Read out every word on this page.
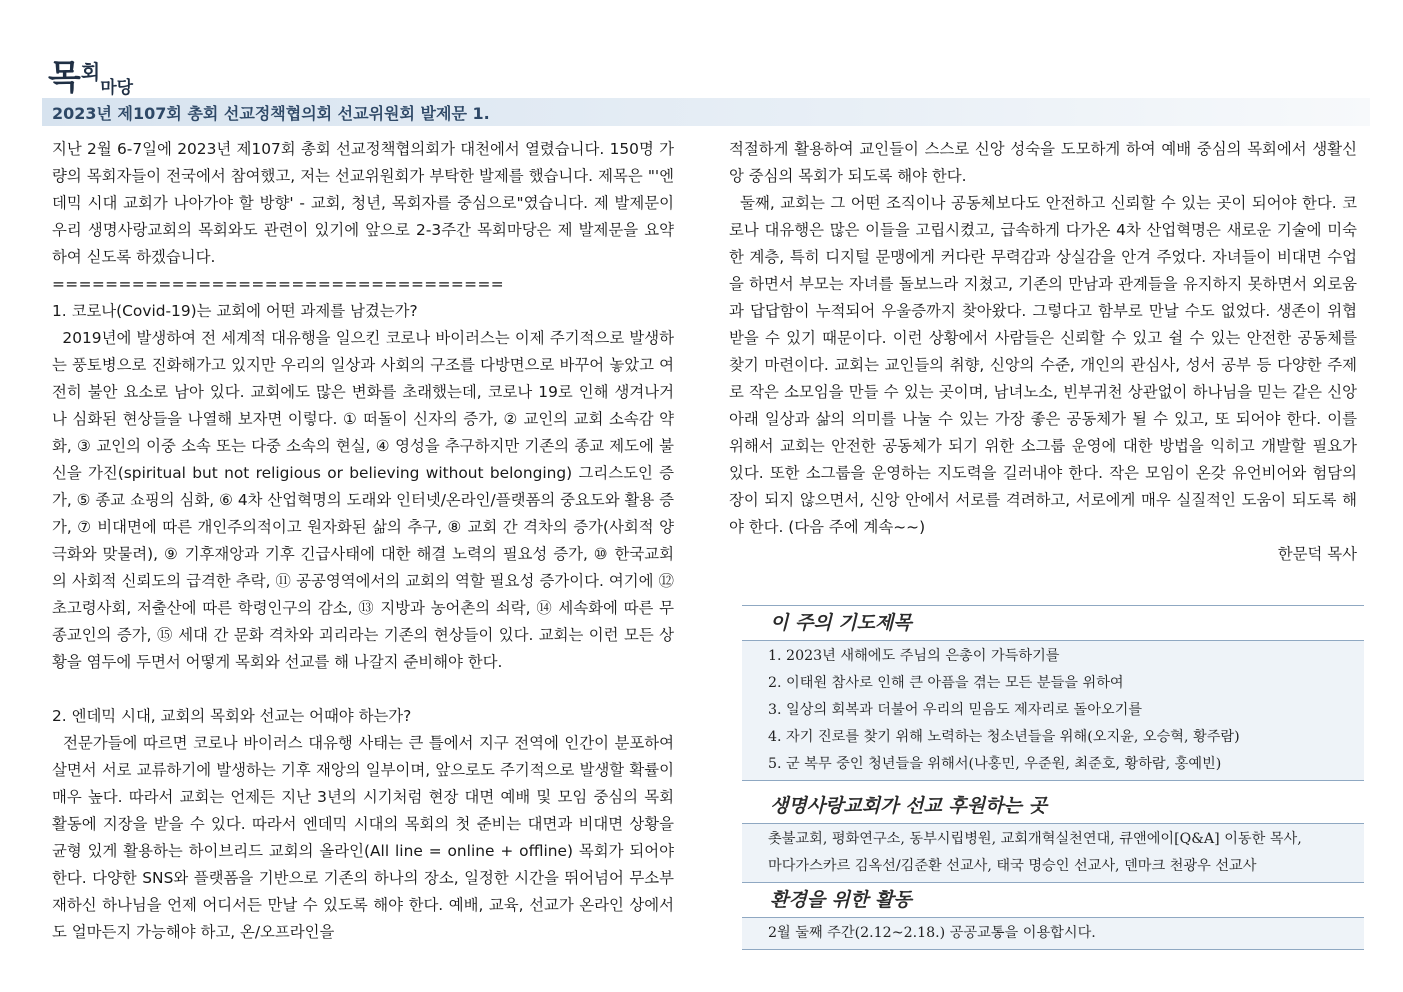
목회마당
2023년 제107회 총회 선교정책협의회 선교위원회 발제문 1.

지난 2월 6-7일에 2023년 제107회 총회 선교정책협의회가 대천에서 열렸습니다. 150명 가량의 목회자들이 전국에서 참여했고, 저는 선교위원회가 부탁한 발제를 했습니다. 제목은 "'엔데믹 시대 교회가 나아가야 할 방향' - 교회, 청년, 목회자를 중심으로"였습니다. 제 발제문이 우리 생명사랑교회의 목회와도 관련이 있기에 앞으로 2-3주간 목회마당은 제 발제문을 요약하여 싣도록 하겠습니다.

==================================

1. 코로나(Covid-19)는 교회에 어떤 과제를 남겼는가?

2019년에 발생하여 전 세계적 대유행을 일으킨 코로나 바이러스는 이제 주기적으로 발생하는 풍토병으로 진화해가고 있지만 우리의 일상과 사회의 구조를 다방면으로 바꾸어 놓았고 여전히 불안 요소로 남아 있다. 교회에도 많은 변화를 초래했는데, 코로나 19로 인해 생겨나거나 심화된 현상들을 나열해 보자면 이렇다. ① 떠돌이 신자의 증가, ② 교인의 교회 소속감 약화, ③ 교인의 이중 소속 또는 다중 소속의 현실, ④ 영성을 추구하지만 기존의 종교 제도에 불신을 가진(spiritual but not religious or believing without belonging) 그리스도인 증가, ⑤ 종교 쇼핑의 심화, ⑥ 4차 산업혁명의 도래와 인터넷/온라인/플랫폼의 중요도와 활용 증가, ⑦ 비대면에 따른 개인주의적이고 원자화된 삶의 추구, ⑧ 교회 간 격차의 증가(사회적 양극화와 맞물려), ⑨ 기후재앙과 기후 긴급사태에 대한 해결 노력의 필요성 증가, ⑩ 한국교회의 사회적 신뢰도의 급격한 추락, ⑪ 공공영역에서의 교회의 역할 필요성 증가이다. 여기에 ⑫ 초고령사회, 저출산에 따른 학령인구의 감소, ⑬ 지방과 농어촌의 쇠락, ⑭ 세속화에 따른 무종교인의 증가, ⑮ 세대 간 문화 격차와 괴리라는 기존의 현상들이 있다. 교회는 이런 모든 상황을 염두에 두면서 어떻게 목회와 선교를 해 나갈지 준비해야 한다.

2. 엔데믹 시대, 교회의 목회와 선교는 어때야 하는가?

전문가들에 따르면 코로나 바이러스 대유행 사태는 큰 틀에서 지구 전역에 인간이 분포하여 살면서 서로 교류하기에 발생하는 기후 재앙의 일부이며, 앞으로도 주기적으로 발생할 확률이 매우 높다. 따라서 교회는 언제든 지난 3년의 시기처럼 현장 대면 예배 및 모임 중심의 목회 활동에 지장을 받을 수 있다. 따라서 엔데믹 시대의 목회의 첫 준비는 대면과 비대면 상황을 균형 있게 활용하는 하이브리드 교회의 올라인(All line = online + offline) 목회가 되어야 한다. 다양한 SNS와 플랫폼을 기반으로 기존의 하나의 장소, 일정한 시간을 뛰어넘어 무소부재하신 하나님을 언제 어디서든 만날 수 있도록 해야 한다. 예배, 교육, 선교가 온라인 상에서도 얼마든지 가능해야 하고, 온/오프라인을

적절하게 활용하여 교인들이 스스로 신앙 성숙을 도모하게 하여 예배 중심의 목회에서 생활신앙 중심의 목회가 되도록 해야 한다.

둘째, 교회는 그 어떤 조직이나 공동체보다도 안전하고 신뢰할 수 있는 곳이 되어야 한다. 코로나 대유행은 많은 이들을 고립시켰고, 급속하게 다가온 4차 산업혁명은 새로운 기술에 미숙한 계층, 특히 디지털 문맹에게 커다란 무력감과 상실감을 안겨 주었다. 자녀들이 비대면 수업을 하면서 부모는 자녀를 돌보느라 지쳤고, 기존의 만남과 관계들을 유지하지 못하면서 외로움과 답답함이 누적되어 우울증까지 찾아왔다. 그렇다고 함부로 만날 수도 없었다. 생존이 위협받을 수 있기 때문이다. 이런 상황에서 사람들은 신뢰할 수 있고 쉴 수 있는 안전한 공동체를 찾기 마련이다. 교회는 교인들의 취향, 신앙의 수준, 개인의 관심사, 성서 공부 등 다양한 주제로 작은 소모임을 만들 수 있는 곳이며, 남녀노소, 빈부귀천 상관없이 하나님을 믿는 같은 신앙 아래 일상과 삶의 의미를 나눌 수 있는 가장 좋은 공동체가 될 수 있고, 또 되어야 한다. 이를 위해서 교회는 안전한 공동체가 되기 위한 소그룹 운영에 대한 방법을 익히고 개발할 필요가 있다. 또한 소그룹을 운영하는 지도력을 길러내야 한다. 작은 모임이 온갖 유언비어와 험담의 장이 되지 않으면서, 신앙 안에서 서로를 격려하고, 서로에게 매우 실질적인 도움이 되도록 해야 한다. (다음 주에 계속~~)

한문덕 목사

이 주의 기도제목
1. 2023년 새해에도 주님의 은총이 가득하기를
2. 이태원 참사로 인해 큰 아픔을 겪는 모든 분들을 위하여
3. 일상의 회복과 더불어 우리의 믿음도 제자리로 돌아오기를
4. 자기 진로를 찾기 위해 노력하는 청소년들을 위해(오지윤, 오승혁, 황주람)
5. 군 복무 중인 청년들을 위해서(나홍민, 우준원, 최준호, 황하람, 홍예빈)
생명사랑교회가 선교 후원하는 곳
촛불교회, 평화연구소, 동부시립병원, 교회개혁실천연대, 큐앤에이[Q&A] 이동한 목사,
마다가스카르 김옥선/김준환 선교사, 태국 명승인 선교사, 덴마크 천광우 선교사
환경을 위한 활동
2월 둘째 주간(2.12~2.18.) 공공교통을 이용합시다.
